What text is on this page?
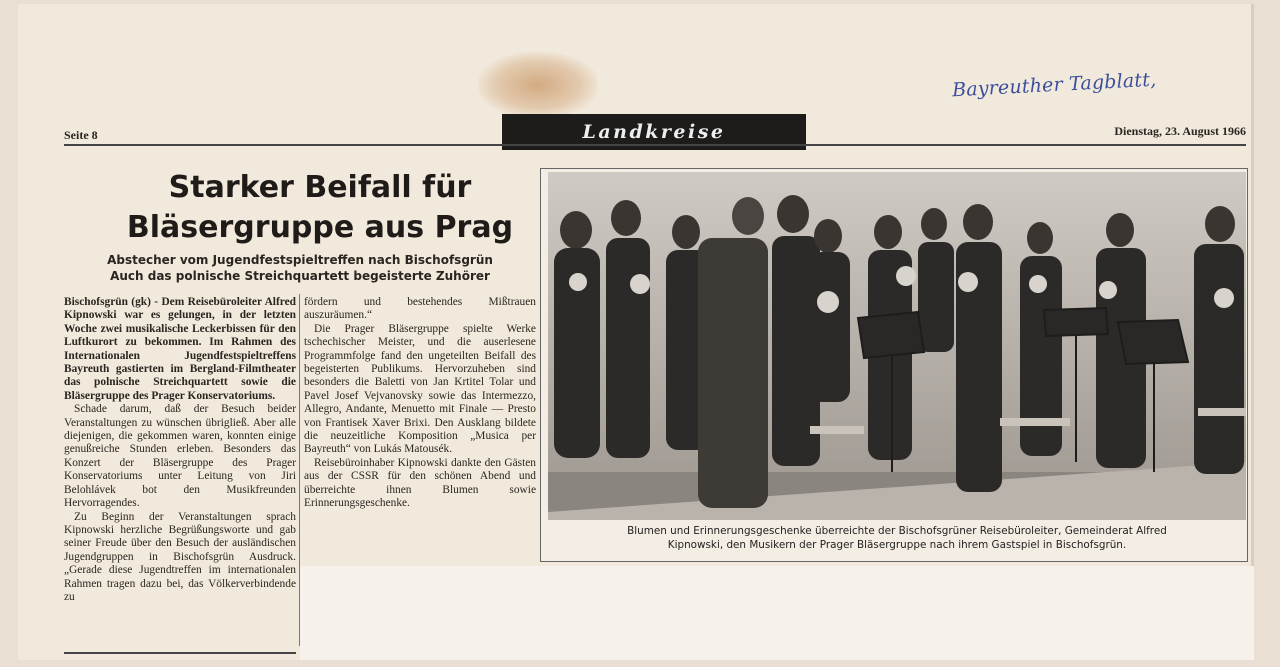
Bayreuther Tagblatt,
Seite 8	Landkreise	Dienstag, 23. August 1966
Starker Beifall für
Bläsergruppe aus Prag
Abstecher vom Jugendfestspieltreffen nach Bischofsgrün
Auch das polnische Streichquartett begeisterte Zuhörer

Bischofsgrün (gk) - Dem Reisebüroleiter Alfred Kipnowski war es gelungen, in der letzten Woche zwei musikalische Leckerbissen für den Luftkurort zu bekommen. Im Rahmen des Internationalen Jugendfestspieltreffens Bayreuth gastierten im Bergland-Filmtheater das polnische Streichquartett sowie die Bläsergruppe des Prager Konservatoriums.

Schade darum, daß der Besuch beider Veranstaltungen zu wünschen übrigließ. Aber alle diejenigen, die gekommen waren, konnten einige genußreiche Stunden erleben. Besonders das Konzert der Bläsergruppe des Prager Konservatoriums unter Leitung von Jiri Belohlávek bot den Musikfreunden Hervorragendes.

Zu Beginn der Veranstaltungen sprach Kipnowski herzliche Begrüßungsworte und gab seiner Freude über den Besuch der ausländischen Jugendgruppen in Bischofsgrün Ausdruck. „Gerade diese Jugendtreffen im internationalen Rahmen tragen dazu bei, das Völkerverbindende zu

fördern und bestehendes Mißtrauen auszuräumen.“

Die Prager Bläsergruppe spielte Werke tschechischer Meister, und die auserlesene Programmfolge fand den ungeteilten Beifall des begeisterten Publikums. Hervorzuheben sind besonders die Baletti von Jan Krtitel Tolar und Pavel Josef Vejvanovsky sowie das Intermezzo, Allegro, Andante, Menuetto mit Finale — Presto von Frantisek Xaver Brixi. Den Ausklang bildete die neuzeitliche Komposition „Musica per Bayreuth“ von Lukás Matousék.

Reisebüroinhaber Kipnowski dankte den Gästen aus der CSSR für den schönen Abend und überreichte ihnen Blumen sowie Erinnerungsgeschenke.

Blumen und Erinnerungsgeschenke überreichte der Bischofsgrüner Reisebüroleiter, Gemeinderat Alfred
Kipnowski, den Musikern der Prager Bläsergruppe nach ihrem Gastspiel in Bischofsgrün.
